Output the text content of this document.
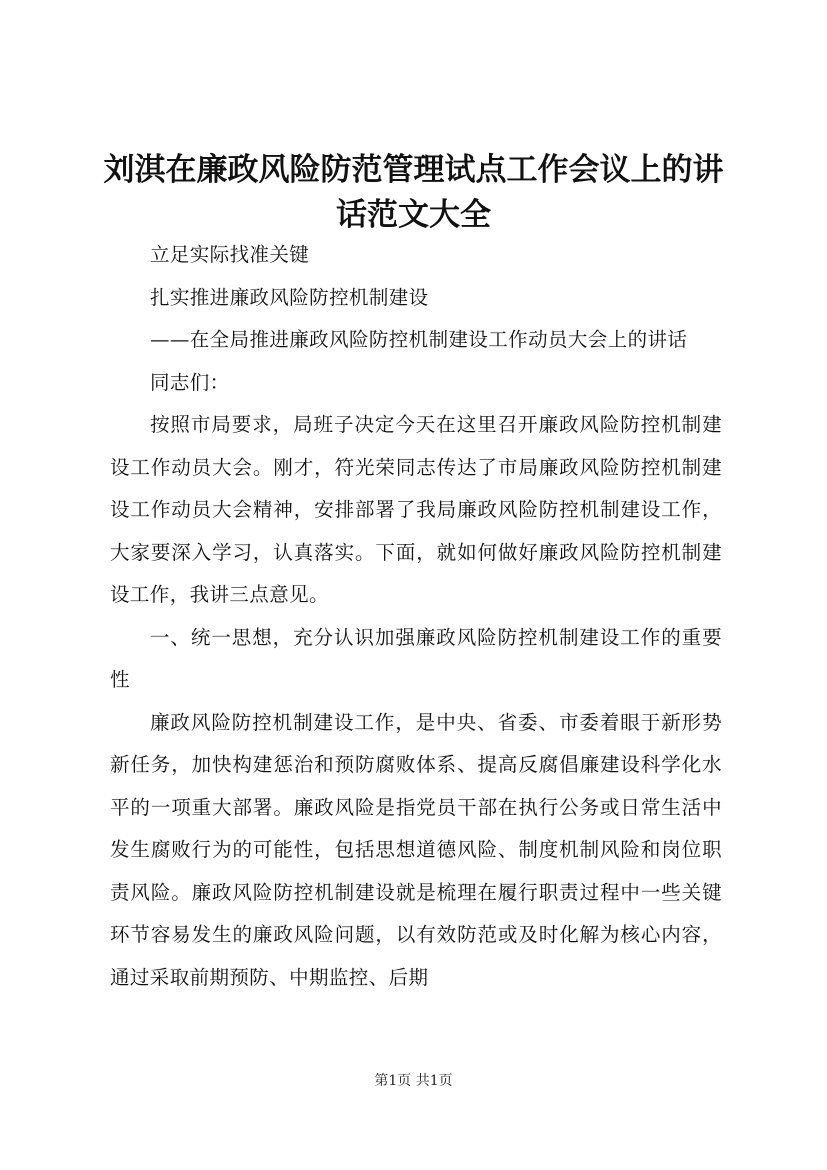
刘淇在廉政风险防范管理试点工作会议上的讲话范文大全

立足实际找准关键

扎实推进廉政风险防控机制建设

——在全局推进廉政风险防控机制建设工作动员大会上的讲话

同志们：

按照市局要求，局班子决定今天在这里召开廉政风险防控机制建设工作动员大会。刚才，符光荣同志传达了市局廉政风险防控机制建设工作动员大会精神，安排部署了我局廉政风险防控机制建设工作，大家要深入学习，认真落实。下面，就如何做好廉政风险防控机制建设工作，我讲三点意见。

一、统一思想，充分认识加强廉政风险防控机制建设工作的重要性

廉政风险防控机制建设工作，是中央、省委、市委着眼于新形势新任务，加快构建惩治和预防腐败体系、提高反腐倡廉建设科学化水平的一项重大部署。廉政风险是指党员干部在执行公务或日常生活中发生腐败行为的可能性，包括思想道德风险、制度机制风险和岗位职责风险。廉政风险防控机制建设就是梳理在履行职责过程中一些关键环节容易发生的廉政风险问题，以有效防范或及时化解为核心内容，通过采取前期预防、中期监控、后期

第1页 共1页
